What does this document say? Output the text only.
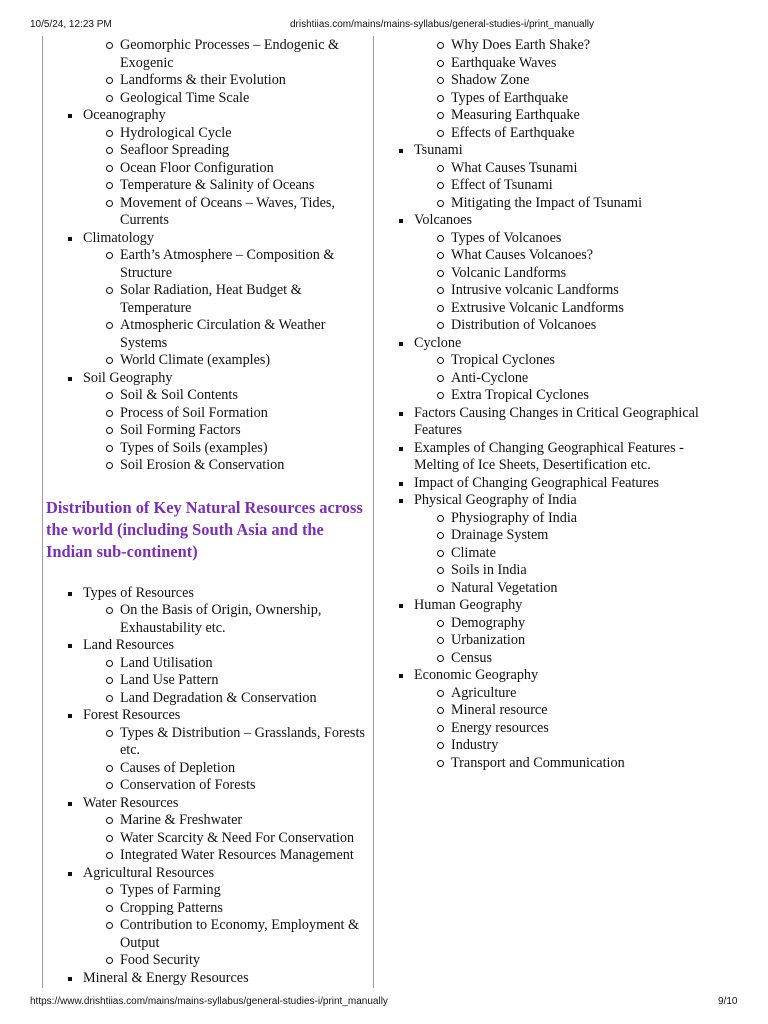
10/5/24, 12:23 PM	drishtiias.com/mains/mains-syllabus/general-studies-i/print_manually
Geomorphic Processes – Endogenic & Exogenic
Landforms & their Evolution
Geological Time Scale
Oceanography
Hydrological Cycle
Seafloor Spreading
Ocean Floor Configuration
Temperature & Salinity of Oceans
Movement of Oceans – Waves, Tides, Currents
Climatology
Earth’s Atmosphere – Composition & Structure
Solar Radiation, Heat Budget & Temperature
Atmospheric Circulation & Weather Systems
World Climate (examples)
Soil Geography
Soil & Soil Contents
Process of Soil Formation
Soil Forming Factors
Types of Soils (examples)
Soil Erosion & Conservation
Distribution of Key Natural Resources across the world (including South Asia and the Indian sub-continent)
Types of Resources
On the Basis of Origin, Ownership, Exhaustability etc.
Land Resources
Land Utilisation
Land Use Pattern
Land Degradation & Conservation
Forest Resources
Types & Distribution – Grasslands, Forests etc.
Causes of Depletion
Conservation of Forests
Water Resources
Marine & Freshwater
Water Scarcity & Need For Conservation
Integrated Water Resources Management
Agricultural Resources
Types of Farming
Cropping Patterns
Contribution to Economy, Employment & Output
Food Security
Mineral & Energy Resources
Why Does Earth Shake?
Earthquake Waves
Shadow Zone
Types of Earthquake
Measuring Earthquake
Effects of Earthquake
Tsunami
What Causes Tsunami
Effect of Tsunami
Mitigating the Impact of Tsunami
Volcanoes
Types of Volcanoes
What Causes Volcanoes?
Volcanic Landforms
Intrusive volcanic Landforms
Extrusive Volcanic Landforms
Distribution of Volcanoes
Cyclone
Tropical Cyclones
Anti-Cyclone
Extra Tropical Cyclones
Factors Causing Changes in Critical Geographical Features
Examples of Changing Geographical Features - Melting of Ice Sheets, Desertification etc.
Impact of Changing Geographical Features
Physical Geography of India
Physiography of India
Drainage System
Climate
Soils in India
Natural Vegetation
Human Geography
Demography
Urbanization
Census
Economic Geography
Agriculture
Mineral resource
Energy resources
Industry
Transport and Communication
https://www.drishtiias.com/mains/mains-syllabus/general-studies-i/print_manually	9/10
